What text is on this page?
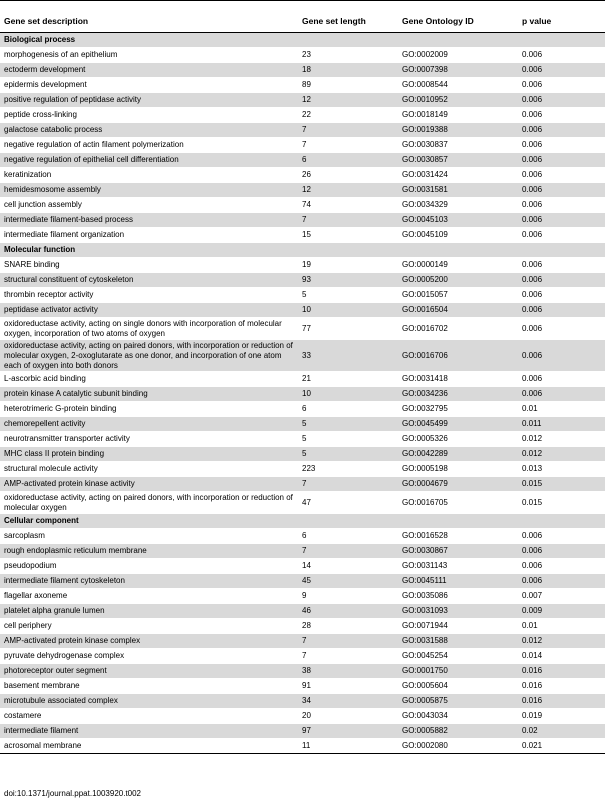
Gene set description	Gene set length	Gene Ontology ID	p value
Biological process			
morphogenesis of an epithelium	23	GO:0002009	0.006
ectoderm development	18	GO:0007398	0.006
epidermis development	89	GO:0008544	0.006
positive regulation of peptidase activity	12	GO:0010952	0.006
peptide cross-linking	22	GO:0018149	0.006
galactose catabolic process	7	GO:0019388	0.006
negative regulation of actin filament polymerization	7	GO:0030837	0.006
negative regulation of epithelial cell differentiation	6	GO:0030857	0.006
keratinization	26	GO:0031424	0.006
hemidesmosome assembly	12	GO:0031581	0.006
cell junction assembly	74	GO:0034329	0.006
intermediate filament-based process	7	GO:0045103	0.006
intermediate filament organization	15	GO:0045109	0.006
Molecular function			
SNARE binding	19	GO:0000149	0.006
structural constituent of cytoskeleton	93	GO:0005200	0.006
thrombin receptor activity	5	GO:0015057	0.006
peptidase activator activity	10	GO:0016504	0.006
oxidoreductase activity, acting on single donors with incorporation of molecular oxygen, incorporation of two atoms of oxygen	77	GO:0016702	0.006
oxidoreductase activity, acting on paired donors, with incorporation or reduction of molecular oxygen, 2-oxoglutarate as one donor, and incorporation of one atom each of oxygen into both donors	33	GO:0016706	0.006
L-ascorbic acid binding	21	GO:0031418	0.006
protein kinase A catalytic subunit binding	10	GO:0034236	0.006
heterotrimeric G-protein binding	6	GO:0032795	0.01
chemorepellent activity	5	GO:0045499	0.011
neurotransmitter transporter activity	5	GO:0005326	0.012
MHC class II protein binding	5	GO:0042289	0.012
structural molecule activity	223	GO:0005198	0.013
AMP-activated protein kinase activity	7	GO:0004679	0.015
oxidoreductase activity, acting on paired donors, with incorporation or reduction of molecular oxygen	47	GO:0016705	0.015
Cellular component			
sarcoplasm	6	GO:0016528	0.006
rough endoplasmic reticulum membrane	7	GO:0030867	0.006
pseudopodium	14	GO:0031143	0.006
intermediate filament cytoskeleton	45	GO:0045111	0.006
flagellar axoneme	9	GO:0035086	0.007
platelet alpha granule lumen	46	GO:0031093	0.009
cell periphery	28	GO:0071944	0.01
AMP-activated protein kinase complex	7	GO:0031588	0.012
pyruvate dehydrogenase complex	7	GO:0045254	0.014
photoreceptor outer segment	38	GO:0001750	0.016
basement membrane	91	GO:0005604	0.016
microtubule associated complex	34	GO:0005875	0.016
costamere	20	GO:0043034	0.019
intermediate filament	97	GO:0005882	0.02
acrosomal membrane	11	GO:0002080	0.021
doi:10.1371/journal.ppat.1003920.t002
